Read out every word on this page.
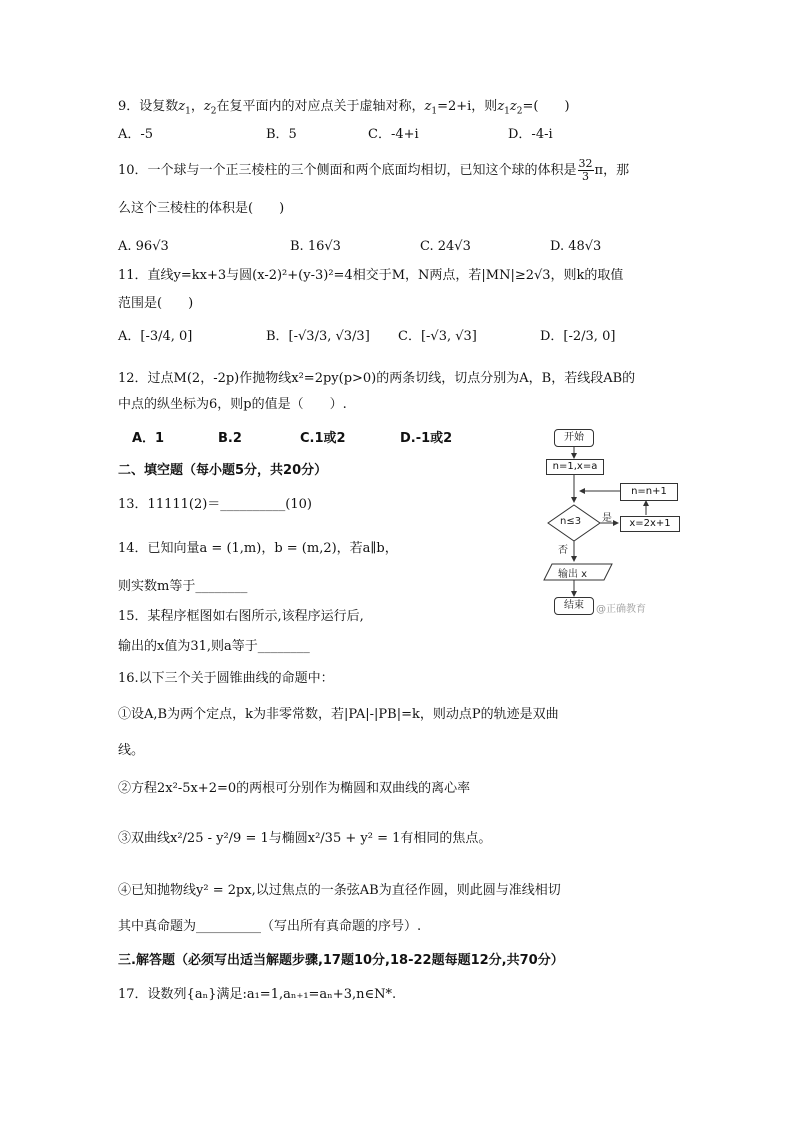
9．设复数$z_1$，$z_2$在复平面内的对应点关于虚轴对称，$z_1=2+i$，则$z_1z_2=$(　　)
A．-5	B．5	C．-4+i	D．-4-i
10．一个球与一个正三棱柱的三个侧面和两个底面均相切，已知这个球的体积是 $\frac{32}{3}$ π，那
么这个三棱柱的体积是(　　)
A. 96√3	B. 16√3	C. 24√3	D. 48√3
11．直线y=kx+3与圆(x-2)²+(y-3)²=4相交于M，N两点，若|MN|≥2√3，则k的取值
范围是(　　)
A．[-3/4, 0]	B．[-√3/3, √3/3] C．[-√3, √3]	D．[-2/3, 0]
12．过点M(2，-2p)作抛物线x²=2py(p>0)的两条切线，切点分别为A，B，若线段AB的
中点的纵坐标为6，则p的值是（　　）.
A．1	B.2	C.1或2	D.-1或2
二、填空题（每小题5分，共20分）
13．11111(2)＝__________(10)
14．已知向量a = (1,m)，b = (m,2)，若a∥b，
则实数m等于________
15．某程序框图如右图所示,该程序运行后,
输出的x值为31,则a等于________
16.以下三个关于圆锥曲线的命题中：
①设A,B为两个定点，k为非零常数，若|PA|-|PB|=k，则动点P的轨迹是双曲
线。
②方程2x²-5x+2=0的两根可分别作为椭圆和双曲线的离心率
③双曲线x²/25 - y²/9 = 1与椭圆x²/35 + y² = 1有相同的焦点。
④已知抛物线y² = 2px,以过焦点的一条弦AB为直径作圆，则此圆与准线相切
其中真命题为__________（写出所有真命题的序号）.
三.解答题（必须写出适当解题步骤,17题10分,18-22题每题12分,共70分）
17．设数列{aₙ}满足:a₁=1,aₙ₊₁=aₙ+3,n∈N*.
开始
n=1,x=a
n=n+1
n≤3 是	x=2x+1
否
输出 x
结束	@正确教育
